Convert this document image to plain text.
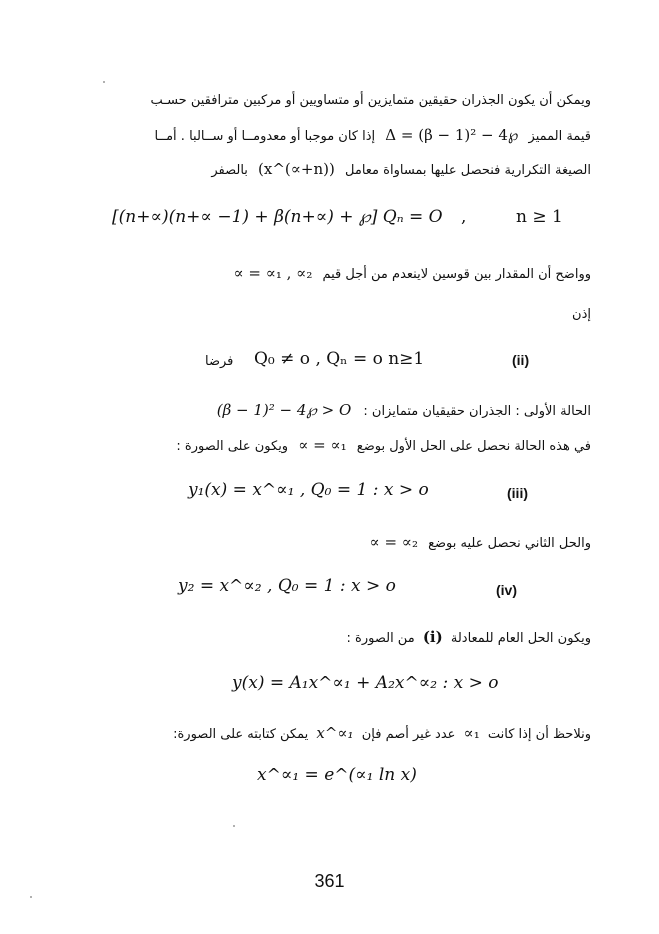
ويمكن أن يكون الجذران حقيقين متمايزين أو متساويين أو مركبين مترافقين حسـب
قيمة المميز Δ = (β − 1)² − 4℘ إذا كان موجبا أو معدومــا أو ســالبا . أمــا
الصيغة التكرارية فنحصل عليها بمساواة معامل (x^(∝+n)) بالصفر
[(n+∝)(n+∝ −1) + β(n+∝) + ℘] Qₙ = O ,	n ≥ 1
وواضح أن المقدار بين قوسين لاينعدم من أجل قيم ∝ = ∝₁ , ∝₂
إذن
(ii)
Q₀ ≠ o , Qₙ = o n≥1
فرضا
الحالة الأولى : الجذران حقيقيان متمايزان : (β − 1)² − 4℘ > O
في هذه الحالة نحصل على الحل الأول بوضع ∝ = ∝₁ ويكون على الصورة :
(iii)
y₁(x) = x^∝₁ , Q₀ = 1 : x > o
والحل الثاني نحصل عليه بوضع ∝ = ∝₂
(iv)
y₂ = x^∝₂ , Q₀ = 1 : x > o
ويكون الحل العام للمعادلة (i) من الصورة :
y(x) = A₁x^∝₁ + A₂x^∝₂ : x > o
ونلاحظ أن إذا كانت ∝₁ عدد غير أصم فإن x^∝₁ يمكن كتابته على الصورة:
x^∝₁ = e^(∝₁ ln x)
361
